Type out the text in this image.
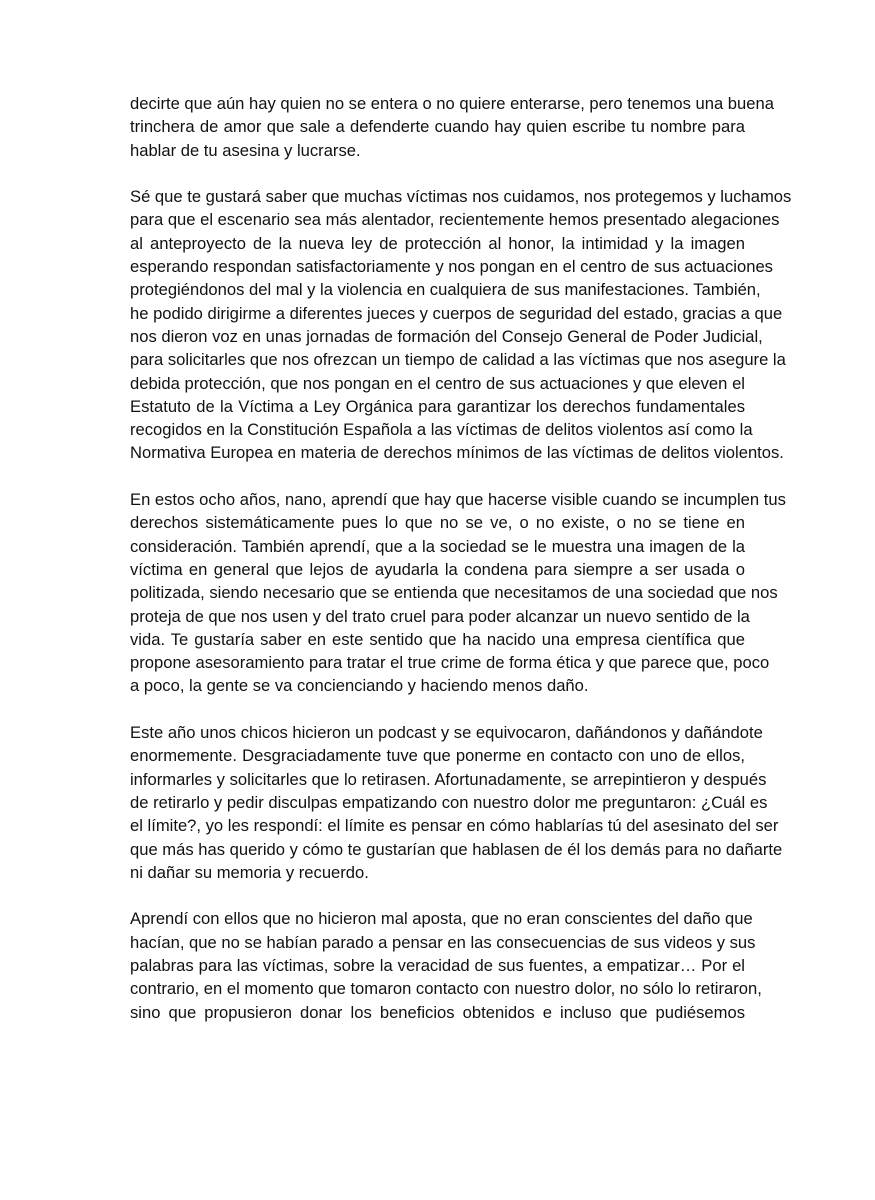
decirte que aún hay quien no se entera o no quiere enterarse, pero tenemos una buena
trinchera de amor que sale a defenderte cuando hay quien escribe tu nombre para
hablar de tu asesina y lucrarse.
Sé que te gustará saber que muchas víctimas nos cuidamos, nos protegemos y luchamos
para que el escenario sea más alentador, recientemente hemos presentado alegaciones
al anteproyecto de la nueva ley de protección al honor, la intimidad y la imagen
esperando respondan satisfactoriamente y nos pongan en el centro de sus actuaciones
protegiéndonos del mal y la violencia en cualquiera de sus manifestaciones. También,
he podido dirigirme a diferentes jueces y cuerpos de seguridad del estado, gracias a que
nos dieron voz en unas jornadas de formación del Consejo General de Poder Judicial,
para solicitarles que nos ofrezcan un tiempo de calidad a las víctimas que nos asegure la
debida protección, que nos pongan en el centro de sus actuaciones y que eleven el
Estatuto de la Víctima a Ley Orgánica para garantizar los derechos fundamentales
recogidos en la Constitución Española a las víctimas de delitos violentos así como la
Normativa Europea en materia de derechos mínimos de las víctimas de delitos violentos.
En estos ocho años, nano, aprendí que hay que hacerse visible cuando se incumplen tus
derechos sistemáticamente pues lo que no se ve, o no existe, o no se tiene en
consideración. También aprendí, que a la sociedad se le muestra una imagen de la
víctima en general que lejos de ayudarla la condena para siempre a ser usada o
politizada, siendo necesario que se entienda que necesitamos de una sociedad que nos
proteja de que nos usen y del trato cruel para poder alcanzar un nuevo sentido de la
vida. Te gustaría saber en este sentido que ha nacido una empresa científica que
propone asesoramiento para tratar el true crime de forma ética y que parece que, poco
a poco, la gente se va concienciando y haciendo menos daño.
Este año unos chicos hicieron un podcast y se equivocaron, dañándonos y dañándote
enormemente. Desgraciadamente tuve que ponerme en contacto con uno de ellos,
informarles y solicitarles que lo retirasen. Afortunadamente, se arrepintieron y después
de retirarlo y pedir disculpas empatizando con nuestro dolor me preguntaron: ¿Cuál es
el límite?, yo les respondí: el límite es pensar en cómo hablarías tú del asesinato del ser
que más has querido y cómo te gustarían que hablasen de él los demás para no dañarte
ni dañar su memoria y recuerdo.
Aprendí con ellos que no hicieron mal aposta, que no eran conscientes del daño que
hacían, que no se habían parado a pensar en las consecuencias de sus videos y sus
palabras para las víctimas, sobre la veracidad de sus fuentes, a empatizar… Por el
contrario, en el momento que tomaron contacto con nuestro dolor, no sólo lo retiraron,
sino que propusieron donar los beneficios obtenidos e incluso que pudiésemos
